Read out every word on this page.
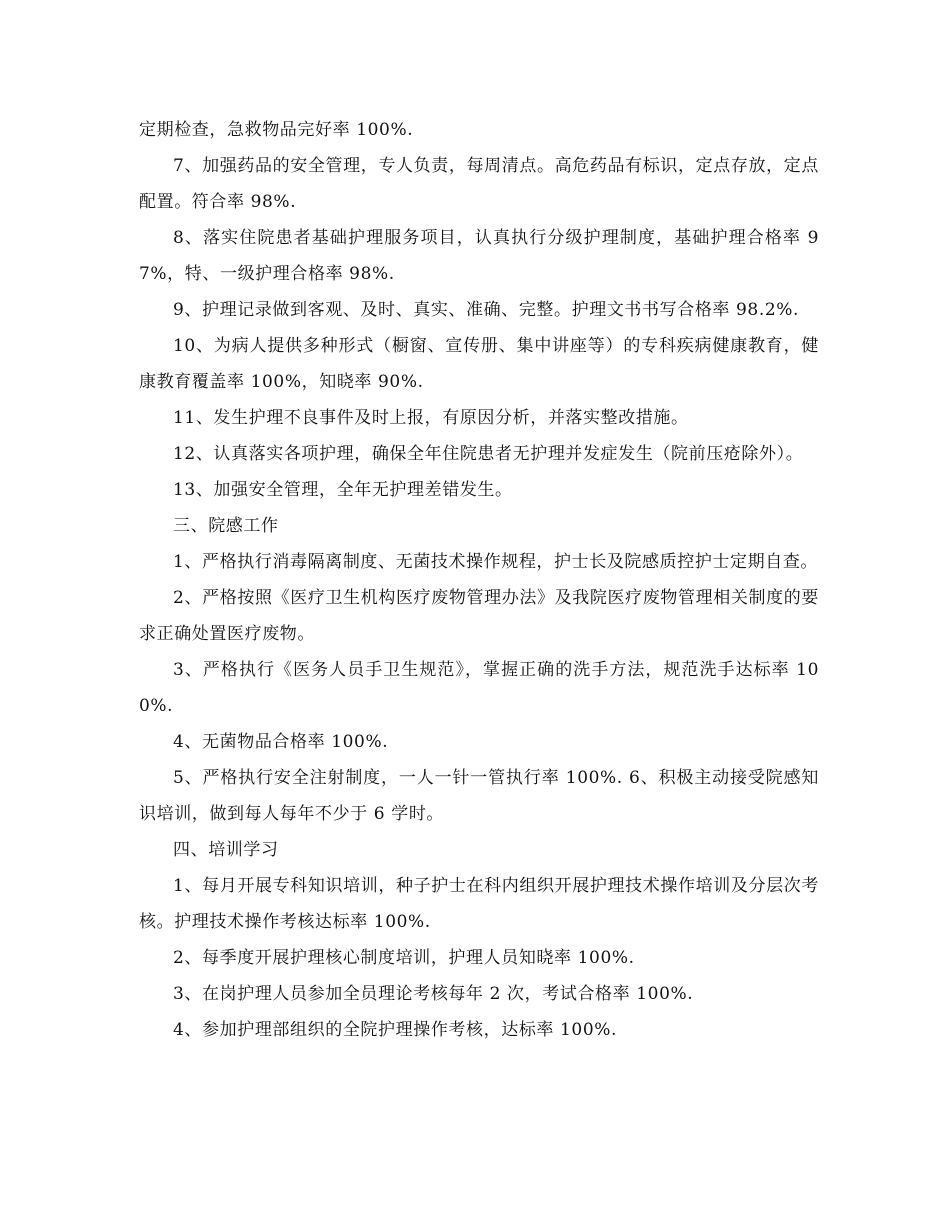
定期检查，急救物品完好率 100%.

7、加强药品的安全管理，专人负责，每周清点。高危药品有标识，定点存放，定点配置。符合率 98%.

8、落实住院患者基础护理服务项目，认真执行分级护理制度，基础护理合格率 97%，特、一级护理合格率 98%.

9、护理记录做到客观、及时、真实、准确、完整。护理文书书写合格率 98.2%.

10、为病人提供多种形式（橱窗、宣传册、集中讲座等）的专科疾病健康教育，健康教育覆盖率 100%，知晓率 90%.

11、发生护理不良事件及时上报，有原因分析，并落实整改措施。

12、认真落实各项护理，确保全年住院患者无护理并发症发生（院前压疮除外）。

13、加强安全管理，全年无护理差错发生。

三、院感工作

1、严格执行消毒隔离制度、无菌技术操作规程，护士长及院感质控护士定期自查。

2、严格按照《医疗卫生机构医疗废物管理办法》及我院医疗废物管理相关制度的要求正确处置医疗废物。

3、严格执行《医务人员手卫生规范》，掌握正确的洗手方法，规范洗手达标率 100%.

4、无菌物品合格率 100%.

5、严格执行安全注射制度，一人一针一管执行率 100%. 6、积极主动接受院感知识培训，做到每人每年不少于 6 学时。

四、培训学习

1、每月开展专科知识培训，种子护士在科内组织开展护理技术操作培训及分层次考核。护理技术操作考核达标率 100%.

2、每季度开展护理核心制度培训，护理人员知晓率 100%.

3、在岗护理人员参加全员理论考核每年 2 次，考试合格率 100%.

4、参加护理部组织的全院护理操作考核，达标率 100%.
